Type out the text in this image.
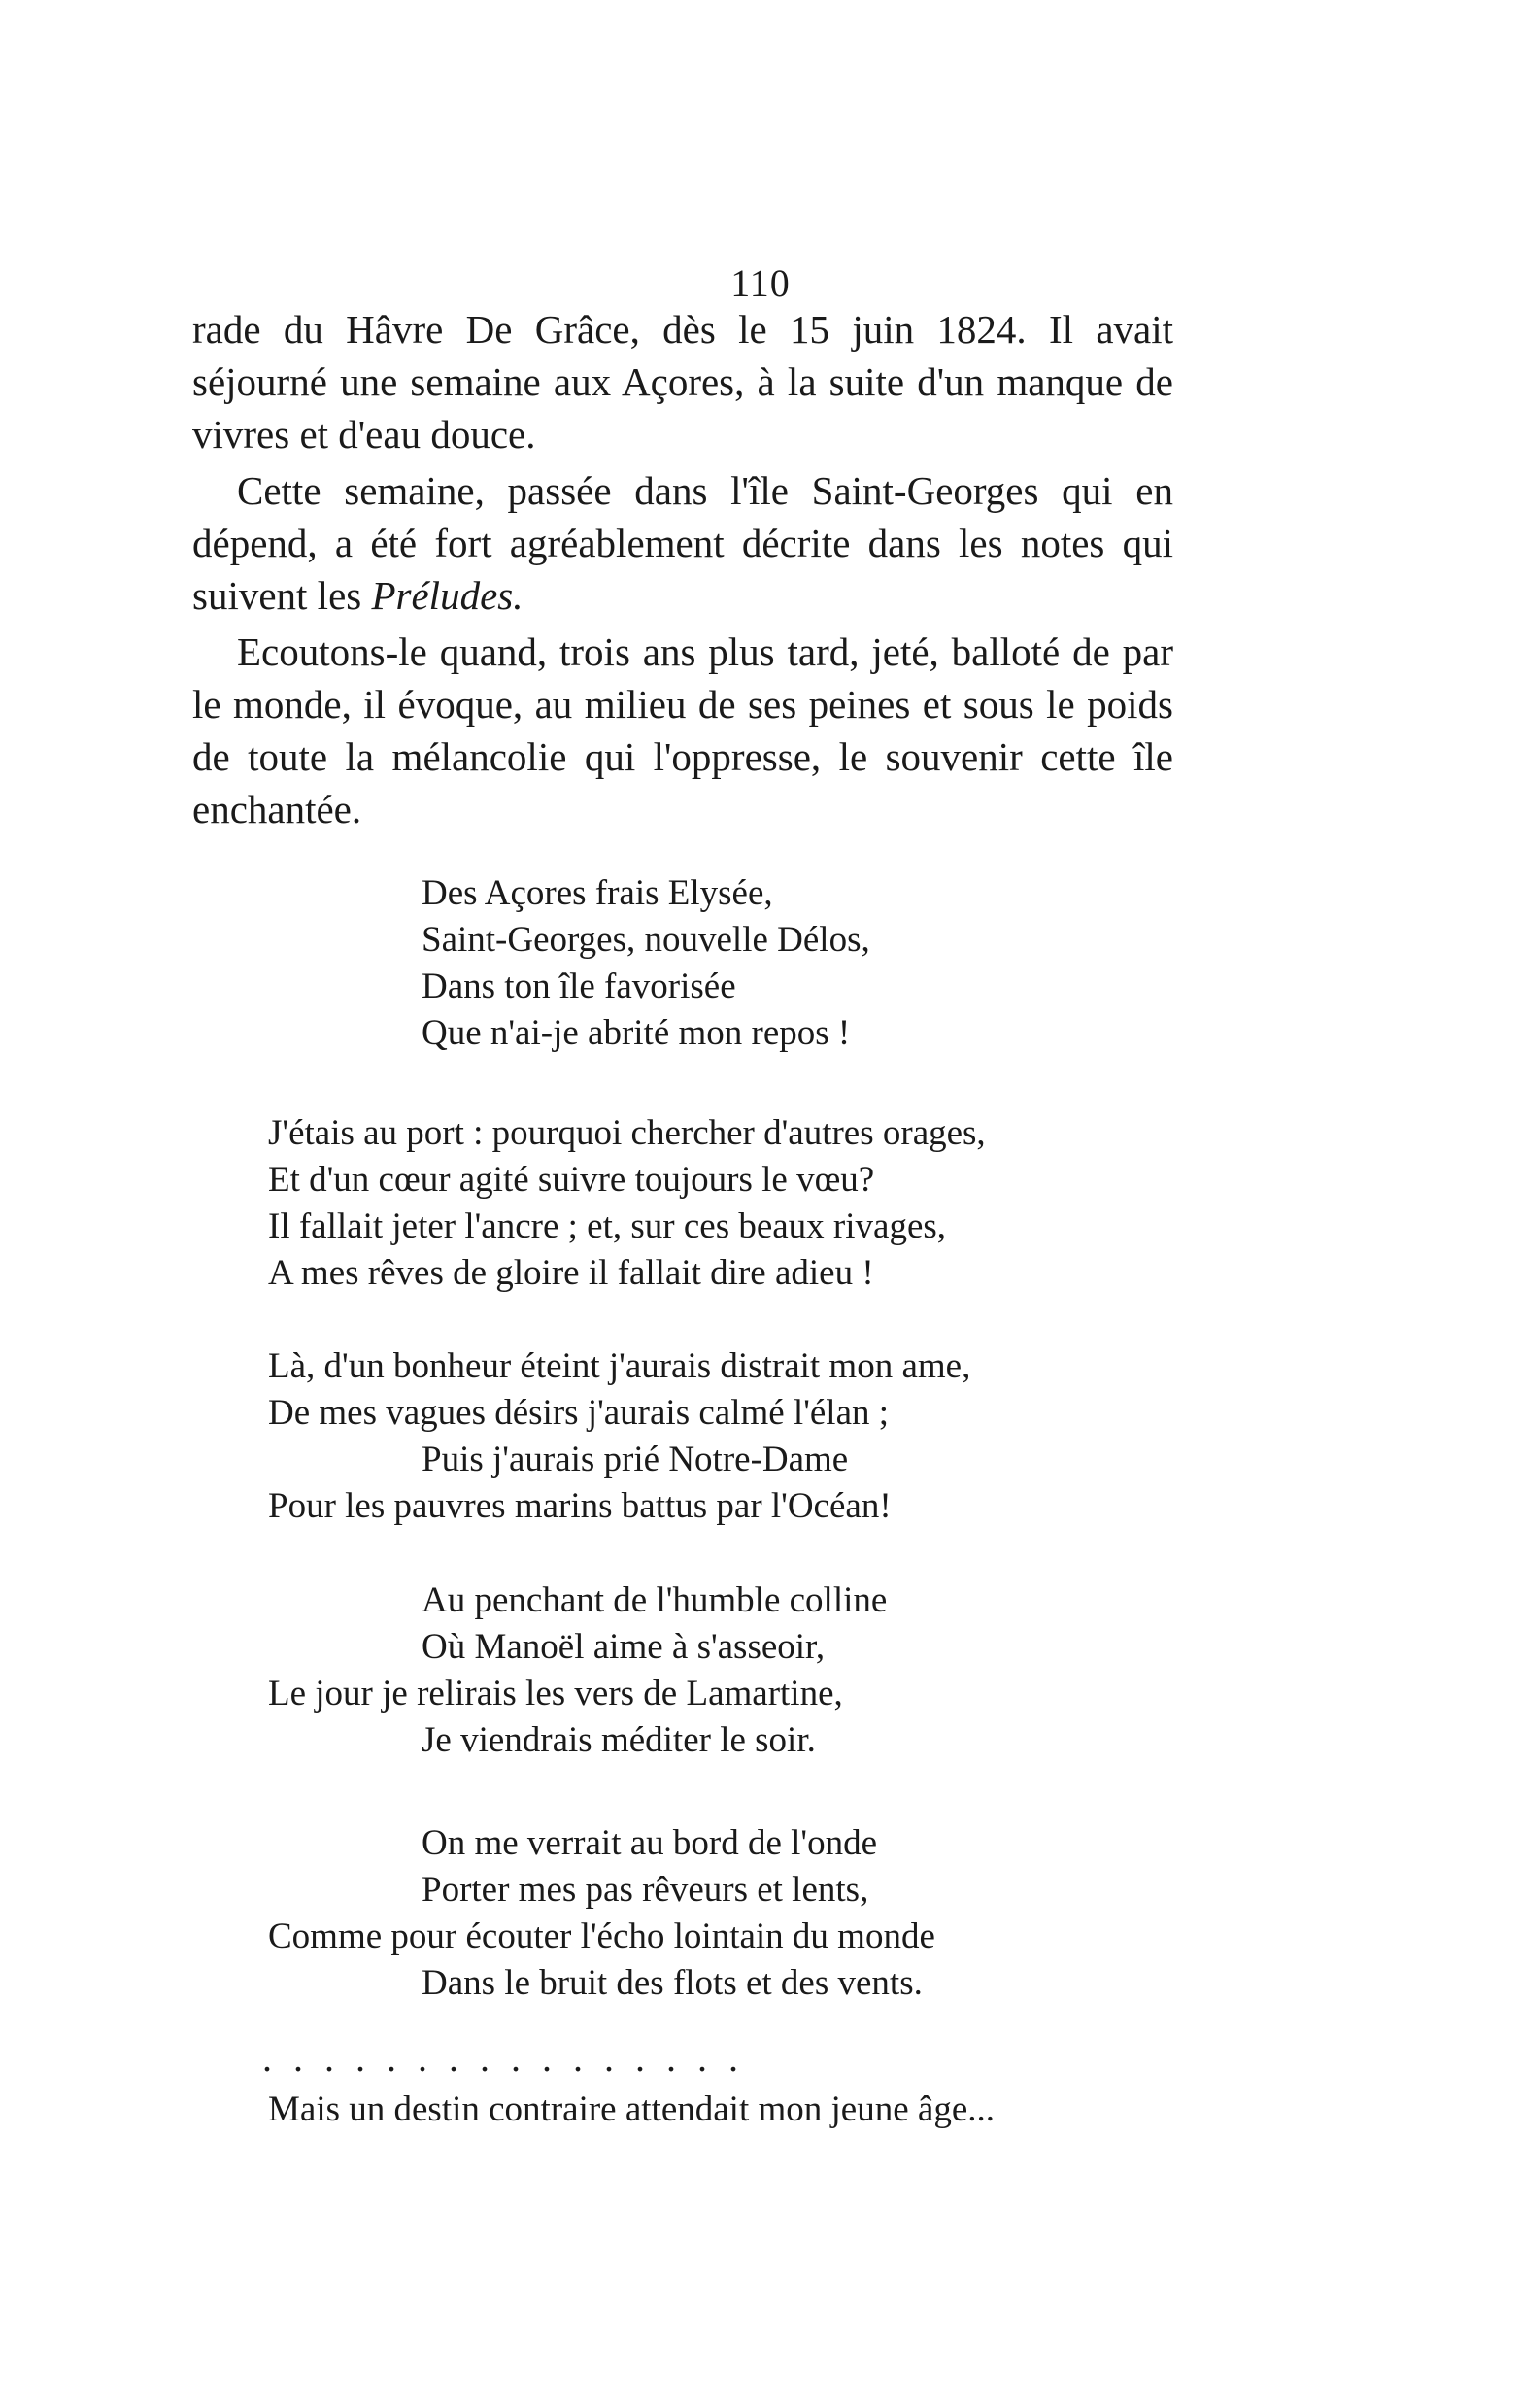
110

rade du Hâvre De Grâce, dès le 15 juin 1824. Il avait séjourné une semaine aux Açores, à la suite d'un manque de vivres et d'eau douce.

Cette semaine, passée dans l'île Saint-Georges qui en dépend, a été fort agréablement décrite dans les notes qui suivent les Préludes.

Ecoutons-le quand, trois ans plus tard, jeté, balloté de par le monde, il évoque, au milieu de ses peines et sous le poids de toute la mélancolie qui l'oppresse, le souvenir cette île enchantée.

Des Açores frais Elysée,
Saint-Georges, nouvelle Délos,
Dans ton île favorisée
Que n'ai-je abrité mon repos !
J'étais au port : pourquoi chercher d'autres orages,
Et d'un cœur agité suivre toujours le vœu?
Il fallait jeter l'ancre ; et, sur ces beaux rivages,
A mes rêves de gloire il fallait dire adieu !
Là, d'un bonheur éteint j'aurais distrait mon ame,
De mes vagues désirs j'aurais calmé l'élan ;
Puis j'aurais prié Notre-Dame
Pour les pauvres marins battus par l'Océan!
Au penchant de l'humble colline
Où Manoël aime à s'asseoir,
Le jour je relirais les vers de Lamartine,
Je viendrais méditer le soir.
On me verrait au bord de l'onde
Porter mes pas rêveurs et lents,
Comme pour écouter l'écho lointain du monde
Dans le bruit des flots et des vents.
Mais un destin contraire attendait mon jeune âge...
................
